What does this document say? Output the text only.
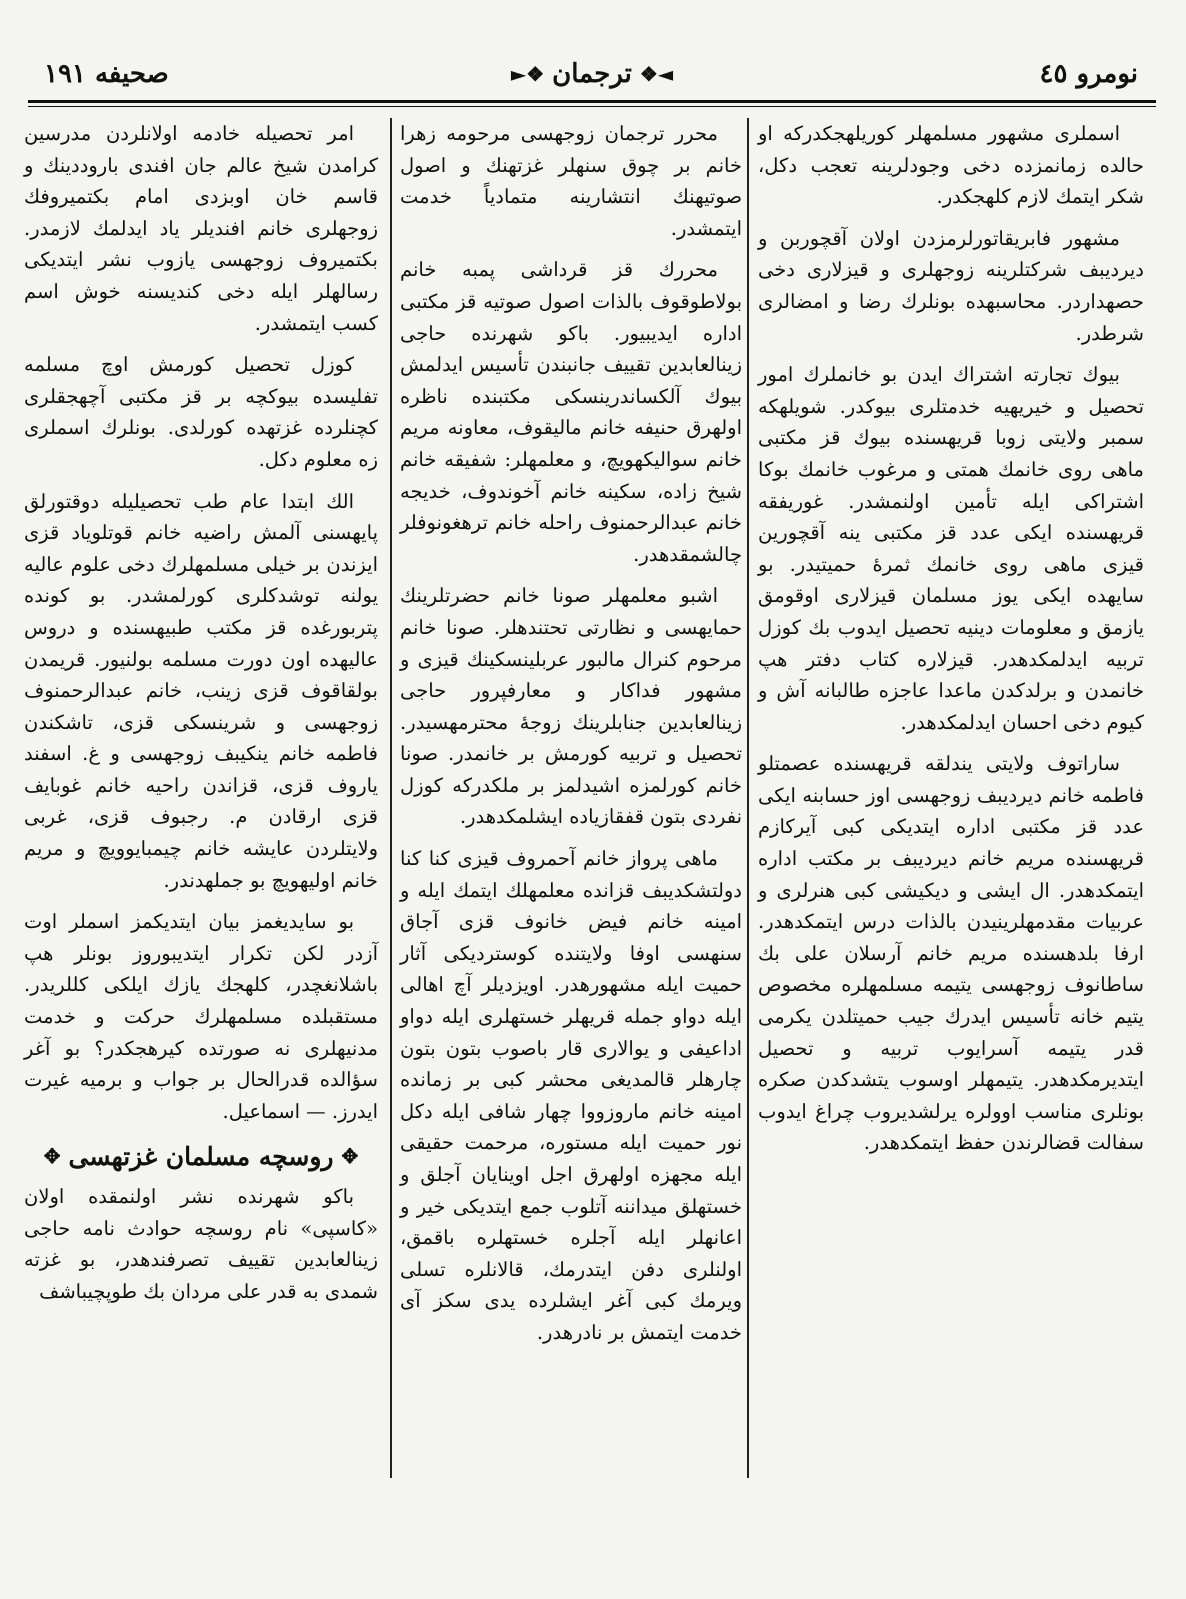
نومرو ٤٥
◄❖
ترجمان
❖►
صحیفه ۱۹۱

اسملری مشهور مسلمهلر کوریلهجکدرکه او حالده زمانمزده دخی وجودلرینه تعجب دکل، شکر ایتمك لازم کلهجکدر.

مشهور فابریقاتورلرمزدن اولان آقچوربن و دیردیبف شرکتلرینه زوجهلری و قیزلاری دخی حصهداردر. محاسبهده بونلرك رضا و امضالری شرطدر.

بیوك تجارته اشتراك ایدن بو خانملرك امور تحصیل و خیریهیه خدمتلری بیوکدر. شویلهکه سمبر ولایتی زوبا قریهسنده بیوك قز مکتبی ماهی روی خانمك همتی و مرغوب خانمك بوکا اشتراکی ایله تأمین اولنمشدر. غوریفقه قریهسنده ایکی عدد قز مکتبی ینه آقچورین قیزی ماهی روی خانمك ثمرهٔ حمیتیدر. بو سایهده ایکی یوز مسلمان قیزلاری اوقومق یازمق و معلومات دینیه تحصیل ایدوب بك کوزل تربیه ایدلمکدهدر. قیزلاره کتاب دفتر هپ خانمدن و برلدکدن ماعدا عاجزه طالبانه آش و کیوم دخی احسان ایدلمکدهدر.

ساراتوف ولایتی یندلقه قریهسنده عصمتلو فاطمه خانم دیردیبف زوجهسی اوز حسابنه ایکی عدد قز مکتبی اداره ایتدیکی کبی آیرکازم قریهسنده مریم خانم دیردیبف بر مکتب اداره ایتمکدهدر. ال ایشی و دیکیشی کبی هنرلری و عربیات مقدمهلرینیدن بالذات درس ایتمکدهدر. ارفا بلدهسنده مریم خانم آرسلان علی بك ساطانوف زوجهسی یتیمه مسلمهلره مخصوص یتیم خانه تأسیس ایدرك جیب حمیتلدن یکرمی قدر یتیمه آسرایوب تربیه و تحصیل ایتدیرمکدهدر. یتیمهلر اوسوب یتشدکدن صکره بونلری مناسب اوولره یرلشدیروب چراغ ایدوب سفالت قضالرندن حفظ ایتمکدهدر.

محرر ترجمان زوجهسی مرحومه زهرا خانم بر چوق سنهلر غزتهنك و اصول صوتیهنك انتشارینه متمادیاً خدمت ایتمشدر.

محررك قز قرداشی پمبه خانم بولاطوقوف بالذات اصول صوتیه قز مکتبی اداره ایدیبیور. باکو شهرنده حاجی زینالعابدین تقییف جانبندن تأسیس ایدلمش بیوك آلکساندرینسکی مکتبنده ناظره اولهرق حنیفه خانم مالیقوف، معاونه مریم خانم سوالیکهویچ، و معلمهلر: شفیقه خانم شیخ زاده، سکینه خانم آخوندوف، خدیجه خانم عبدالرحمنوف راحله خانم ترهغونوفلر چالشمقدهدر.

اشبو معلمهلر صونا خانم حضرتلرینك حمایهسی و نظارتی تحتندهلر. صونا خانم مرحوم کنرال مالبور عربلینسکینك قیزی و مشهور فداکار و معارفپرور حاجی زینالعابدین جنابلرینك زوجهٔ محترمهسیدر. تحصیل و تربیه کورمش بر خانمدر. صونا خانم کورلمزه اشیدلمز بر ملکدرکه کوزل نفردی بتون قفقازیاده ایشلمکدهدر.

ماهی پرواز خانم آحمروف قیزی کنا کنا دولتشکدیبف قزانده معلمهلك ایتمك ایله و امینه خانم فیض خانوف قزی آجاق سنهسی اوفا ولایتنده کوستردیکی آثار حمیت ایله مشهورهدر. اویزدیلر آچ اهالی ایله دواو جمله قریهلر خستهلری ایله دواو اداعیفی و یوالاری قار باصوب بتون بتون چارهلر قالمدیغی محشر کبی بر زمانده امینه خانم ماروزووا چهار شافی ایله دکل نور حمیت ایله مستوره، مرحمت حقیقی ایله مجهزه اولهرق اجل اوینایان آجلق و خستهلق میداننه آتلوب جمع ایتدیکی خیر و اعانهلر ایله آجلره خستهلره باقمق، اولنلری دفن ایتدرمك، قالانلره تسلی ویرمك کبی آغر ایشلرده یدی سکز آی خدمت ایتمش بر نادرهدر.

امر تحصیله خادمه اولانلردن مدرسین کرامدن شیخ عالم جان افندی باروددینك و قاسم خان اوبزدی امام بکتمیروفك زوجهلری خانم افندیلر یاد ایدلمك لازمدر. بکتمیروف زوجهسی یازوب نشر ایتدیکی رسالهلر ایله دخی کندیسنه خوش اسم کسب ایتمشدر.

کوزل تحصیل کورمش اوچ مسلمه تفلیسده بیوکچه بر قز مکتبی آچهجقلری کچنلرده غزتهده کورلدی. بونلرك اسملری زه معلوم دکل.

الك ابتدا عام طب تحصیلیله دوقتورلق پایهسنی آلمش راضیه خانم قوتلویاد قزی ایزندن بر خیلی مسلمهلرك دخی علوم عالیه یولنه توشدکلری کورلمشدر. بو کونده پتربورغده قز مکتب طبیهسنده و دروس عالیهده اون دورت مسلمه بولنیور. قریمدن بولقاقوف قزی زینب، خانم عبدالرحمنوف زوجهسی و شرینسکی قزی، تاشکندن فاطمه خانم ینکیبف زوجهسی و غ. اسفند یاروف قزی، قزاندن راحیه خانم غوبایف قزی ارقادن م. رجبوف قزی، غربی ولایتلردن عایشه خانم چیمبایوویچ و مریم خانم اولیهویچ بو جملهدندر.

بو سایدیغمز بیان ایتدیکمز اسملر اوت آزدر لکن تکرار ایتدیبوروز بونلر هپ باشلانغچدر، کلهجك یازك ایلکی کللریدر. مستقبلده مسلمهلرك حرکت و خدمت مدنیهلری نه صورتده کیرهجکدر؟ بو آغر سؤالده قدرالحال بر جواب و برمیه غیرت ایدرز. — اسماعیل.

✥
روسچه مسلمان غزتهسی
✥

باکو شهرنده نشر اولنمقده اولان «کاسپی» نام روسچه حوادث نامه حاجی زینالعابدین تقییف تصرفندهدر، بو غزته شمدی به قدر علی مردان بك طوپچیباشف
